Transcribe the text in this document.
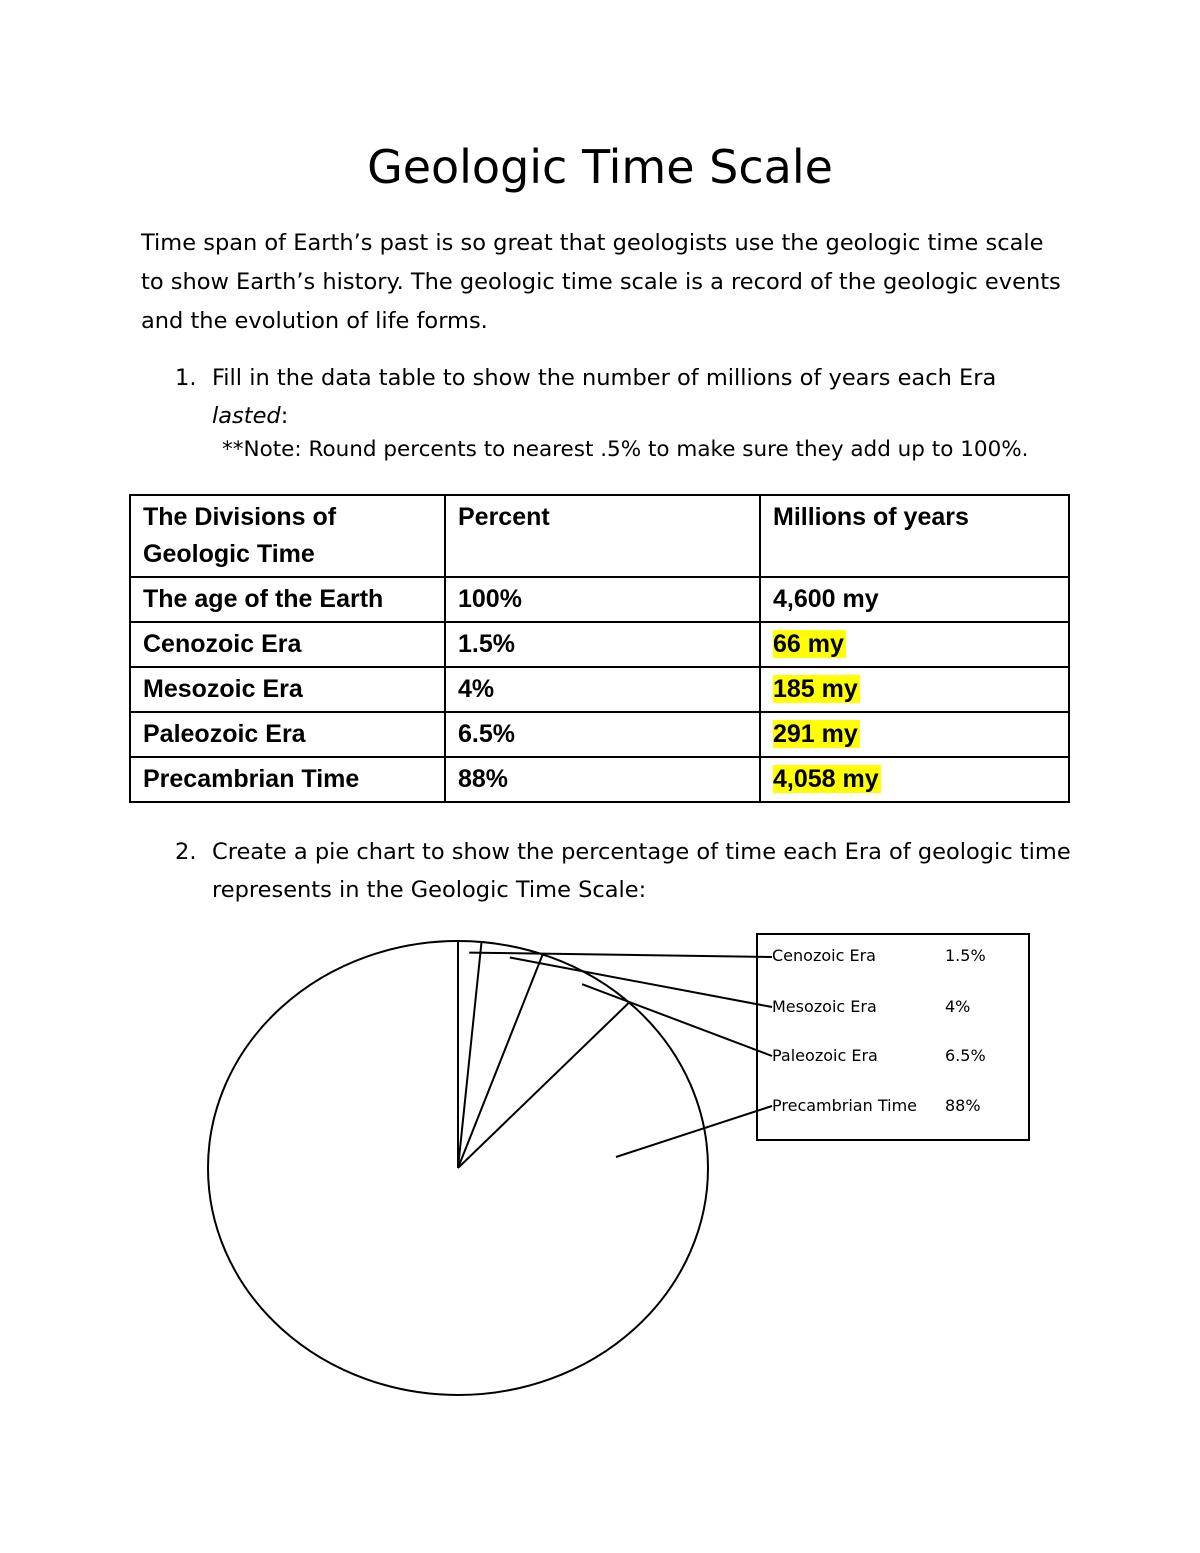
Geologic Time Scale

Time span of Earth’s past is so great that geologists use the geologic time scale to show Earth’s history. The geologic time scale is a record of the geologic events and the evolution of life forms.

1. Fill in the data table to show the number of millions of years each Era
lasted:

**Note: Round percents to nearest .5% to make sure they add up to 100%.

The Divisions of Geologic Time	Percent	Millions of years
The age of the Earth	100%	4,600 my
Cenozoic Era	1.5%	66 my
Mesozoic Era	4%	185 my
Paleozoic Era	6.5%	291 my
Precambrian Time	88%	4,058 my
2. Create a pie chart to show the percentage of time each Era of geologic time represents in the Geologic Time Scale:
Cenozoic Era	1.5%
Mesozoic Era	4%
Paleozoic Era	6.5%
Precambrian Time 88%
